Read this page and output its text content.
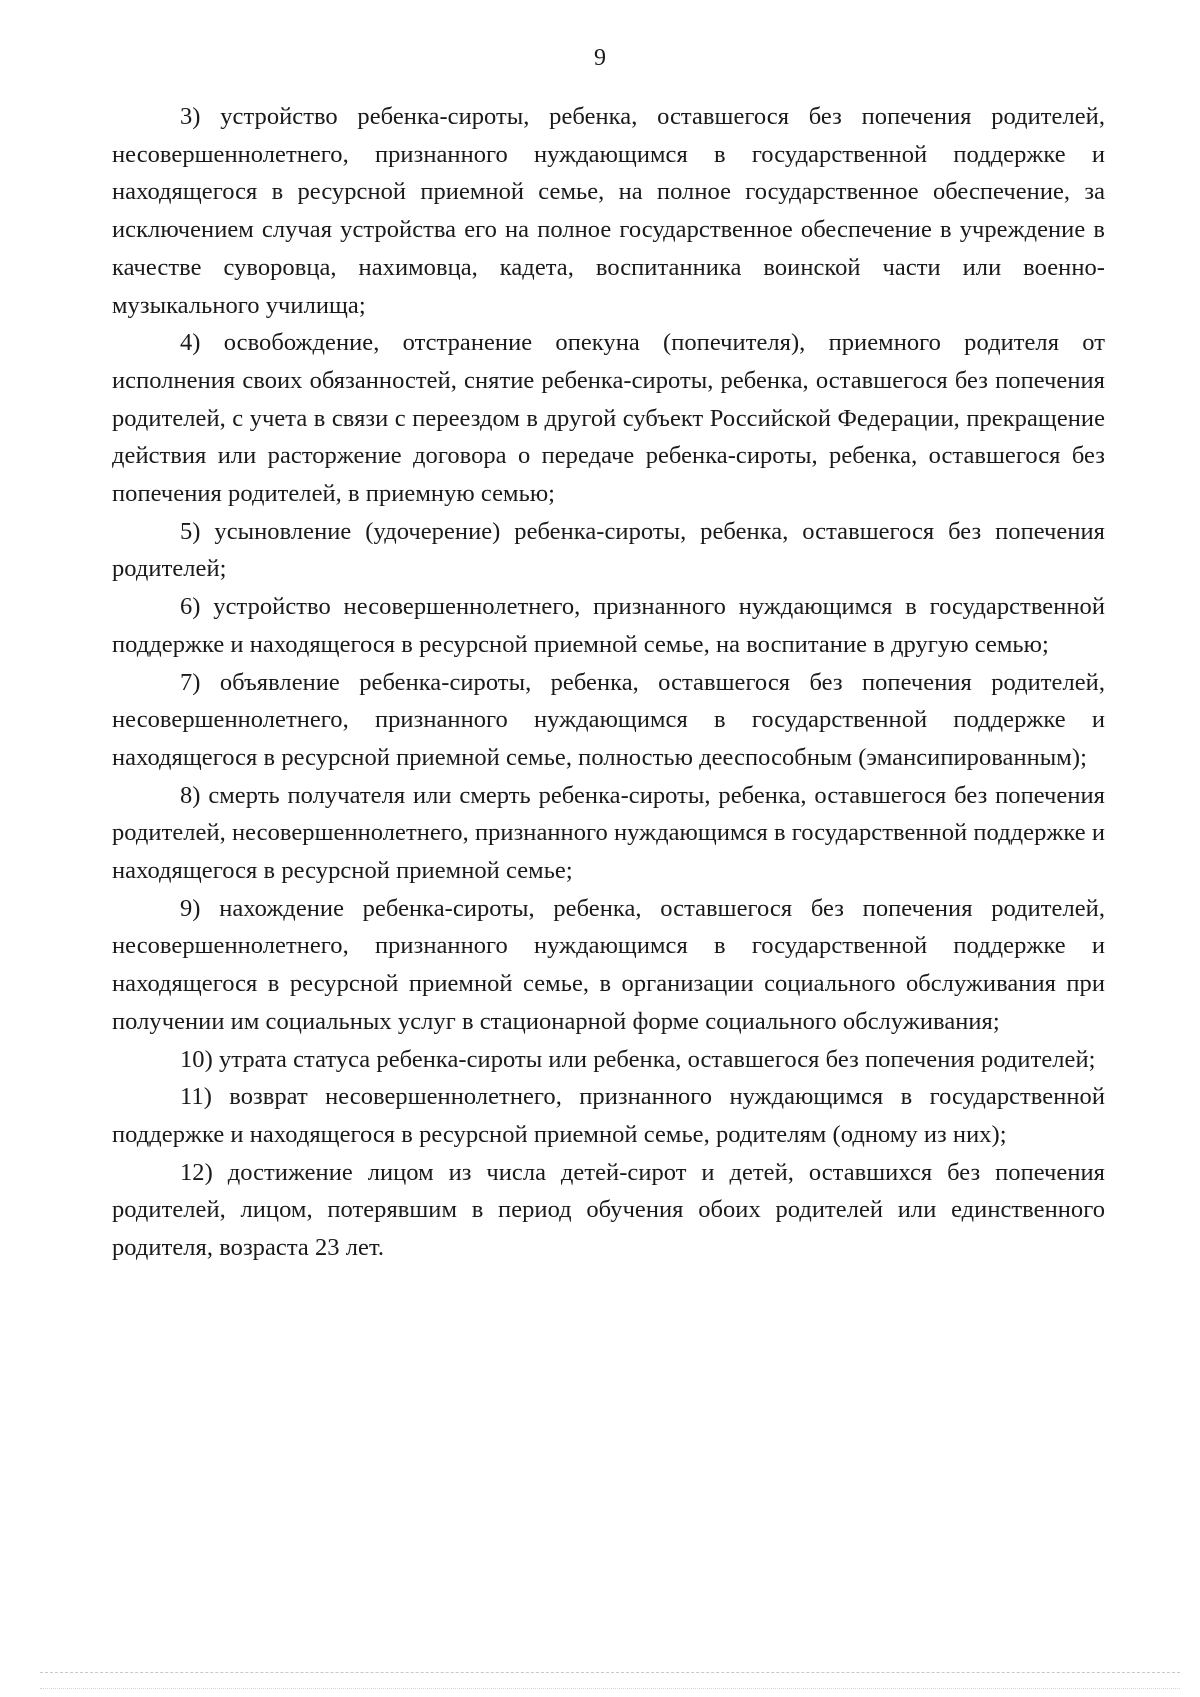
9

3) устройство ребенка-сироты, ребенка, оставшегося без попечения родителей, несовершеннолетнего, признанного нуждающимся в государственной поддержке и находящегося в ресурсной приемной семье, на полное государственное обеспечение, за исключением случая устройства его на полное государственное обеспечение в учреждение в качестве суворовца, нахимовца, кадета, воспитанника воинской части или военно-музыкального училища;

4) освобождение, отстранение опекуна (попечителя), приемного родителя от исполнения своих обязанностей, снятие ребенка-сироты, ребенка, оставшегося без попечения родителей, с учета в связи с переездом в другой субъект Российской Федерации, прекращение действия или расторжение договора о передаче ребенка-сироты, ребенка, оставшегося без попечения родителей, в приемную семью;

5) усыновление (удочерение) ребенка-сироты, ребенка, оставшегося без попечения родителей;

6) устройство несовершеннолетнего, признанного нуждающимся в государственной поддержке и находящегося в ресурсной приемной семье, на воспитание в другую семью;

7) объявление ребенка-сироты, ребенка, оставшегося без попечения родителей, несовершеннолетнего, признанного нуждающимся в государственной поддержке и находящегося в ресурсной приемной семье, полностью дееспособным (эмансипированным);

8) смерть получателя или смерть ребенка-сироты, ребенка, оставшегося без попечения родителей, несовершеннолетнего, признанного нуждающимся в государственной поддержке и находящегося в ресурсной приемной семье;

9) нахождение ребенка-сироты, ребенка, оставшегося без попечения родителей, несовершеннолетнего, признанного нуждающимся в государственной поддержке и находящегося в ресурсной приемной семье, в организации социального обслуживания при получении им социальных услуг в стационарной форме социального обслуживания;

10) утрата статуса ребенка-сироты или ребенка, оставшегося без попечения родителей;

11) возврат несовершеннолетнего, признанного нуждающимся в государственной поддержке и находящегося в ресурсной приемной семье, родителям (одному из них);

12) достижение лицом из числа детей-сирот и детей, оставшихся без попечения родителей, лицом, потерявшим в период обучения обоих родителей или единственного родителя, возраста 23 лет.
